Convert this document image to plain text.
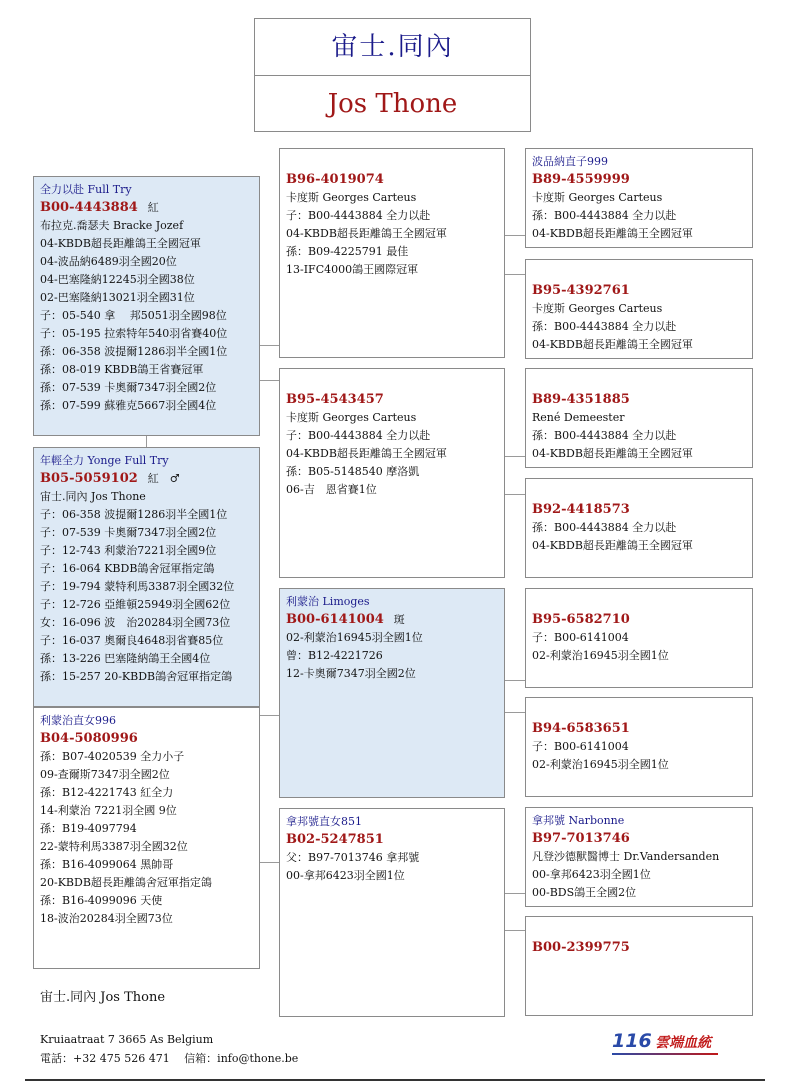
宙士.同內
Jos Thone
全力以赴 Full Try
B00-4443884 紅
布拉克.喬瑟夫 Bracke Jozef
04-KBDB超長距離鴿王全國冠軍
04-波品納6489羽全國20位
04-巴塞隆納12245羽全國38位
02-巴塞隆納13021羽全國31位
子：05-540 拿　 邦5051羽全國98位
子：05-195 拉索特年540羽省賽40位
孫：06-358 波提爾1286羽半全國1位
孫：08-019 KBDB鴿王省賽冠軍
孫：07-539 卡奧爾7347羽全國2位
孫：07-599 蘇雅克5667羽全國4位
年輕全力 Yonge Full Try
B05-5059102 紅　♂
宙士.同內 Jos Thone
子：06-358 波提爾1286羽半全國1位
子：07-539 卡奧爾7347羽全國2位
子：12-743 利蒙治7221羽全國9位
子：16-064 KBDB鴿舍冠軍指定鴿
子：19-794 蒙特利馬3387羽全國32位
子：12-726 亞維頓25949羽全國62位
女：16-096 波　治20284羽全國73位
子：16-037 奧爾良4648羽省賽85位
孫：13-226 巴塞隆納鴿王全國4位
孫：15-257 20-KBDB鴿舍冠軍指定鴿
利蒙治直女996
B04-5080996
孫：B07-4020539 全力小子
09-查爾斯7347羽全國2位
孫：B12-4221743 紅全力
14-利蒙治 7221羽全國 9位
孫：B19-4097794
22-蒙特利馬3387羽全國32位
孫：B16-4099064 黑帥哥
20-KBDB超長距離鴿舍冠軍指定鴿
孫：B16-4099096 天使
18-波治20284羽全國73位
B96-4019074
卡度斯 Georges Carteus
子：B00-4443884 全力以赴
04-KBDB超長距離鴿王全國冠軍
孫：B09-4225791 最佳
13-IFC4000鴿王國際冠軍
B95-4543457
卡度斯 Georges Carteus
子：B00-4443884 全力以赴
04-KBDB超長距離鴿王全國冠軍
孫：B05-5148540 摩洛凱
06-吉　恩省賽1位
利蒙治 Limoges
B00-6141004 斑
02-利蒙治16945羽全國1位
曾：B12-4221726
12-卡奧爾7347羽全國2位
拿邦號直女851
B02-5247851
父：B97-7013746 拿邦號
00-拿邦6423羽全國1位
波品納直子999
B89-4559999
卡度斯 Georges Carteus
孫：B00-4443884 全力以赴
04-KBDB超長距離鴿王全國冠軍
B95-4392761
卡度斯 Georges Carteus
孫：B00-4443884 全力以赴
04-KBDB超長距離鴿王全國冠軍
B89-4351885
René Demeester
孫：B00-4443884 全力以赴
04-KBDB超長距離鴿王全國冠軍
B92-4418573
孫：B00-4443884 全力以赴
04-KBDB超長距離鴿王全國冠軍
B95-6582710
子：B00-6141004
02-利蒙治16945羽全國1位
B94-6583651
子：B00-6141004
02-利蒙治16945羽全國1位
拿邦號 Narbonne
B97-7013746
凡登沙德獸醫博士 Dr.Vandersanden
00-拿邦6423羽全國1位
00-BDS鴿王全國2位
B00-2399775
宙士.同內 Jos Thone
Kruiaatraat 7 3665 As Belgium
電話：+32 475 526 471　 信箱：info@thone.be
116 雲端血統
